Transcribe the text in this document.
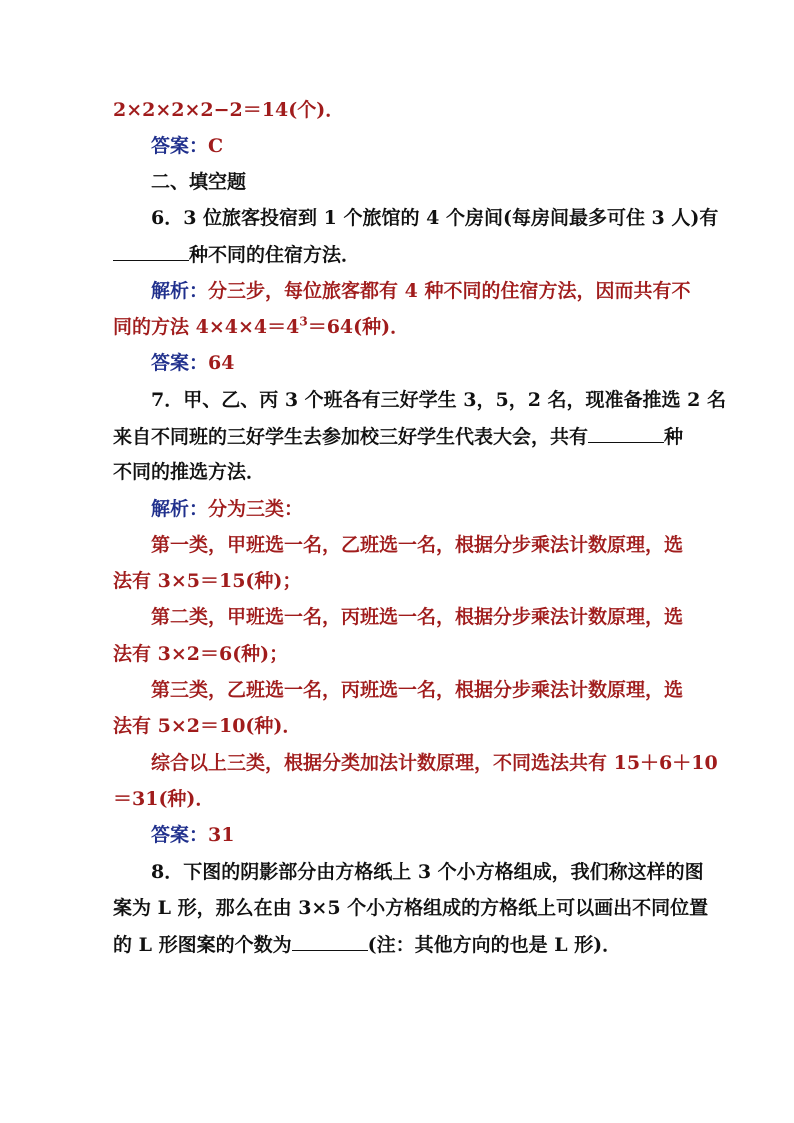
2×2×2×2−2＝14(个)．
答案：C
二、填空题
6．3 位旅客投宿到 1 个旅馆的 4 个房间(每房间最多可住 3 人)有
种不同的住宿方法．
解析：分三步，每位旅客都有 4 种不同的住宿方法，因而共有不
同的方法 $4\times 4\times 4=4^3=64$(种)．
答案：64
7．甲、乙、丙 3 个班各有三好学生 3，5，2 名，现准备推选 2 名
来自不同班的三好学生去参加校三好学生代表大会，共有	种
不同的推选方法．
解析：分为三类：
第一类，甲班选一名，乙班选一名，根据分步乘法计数原理，选
法有 3×5＝15(种)；
第二类，甲班选一名，丙班选一名，根据分步乘法计数原理，选
法有 3×2＝6(种)；
第三类，乙班选一名，丙班选一名，根据分步乘法计数原理，选
法有 5×2＝10(种)．
综合以上三类，根据分类加法计数原理，不同选法共有 15＋6＋10
＝31(种)．
答案：31
8．下图的阴影部分由方格纸上 3 个小方格组成，我们称这样的图
案为 L 形，那么在由 3×5 个小方格组成的方格纸上可以画出不同位置
的 L 形图案的个数为	(注：其他方向的也是 L 形)．
